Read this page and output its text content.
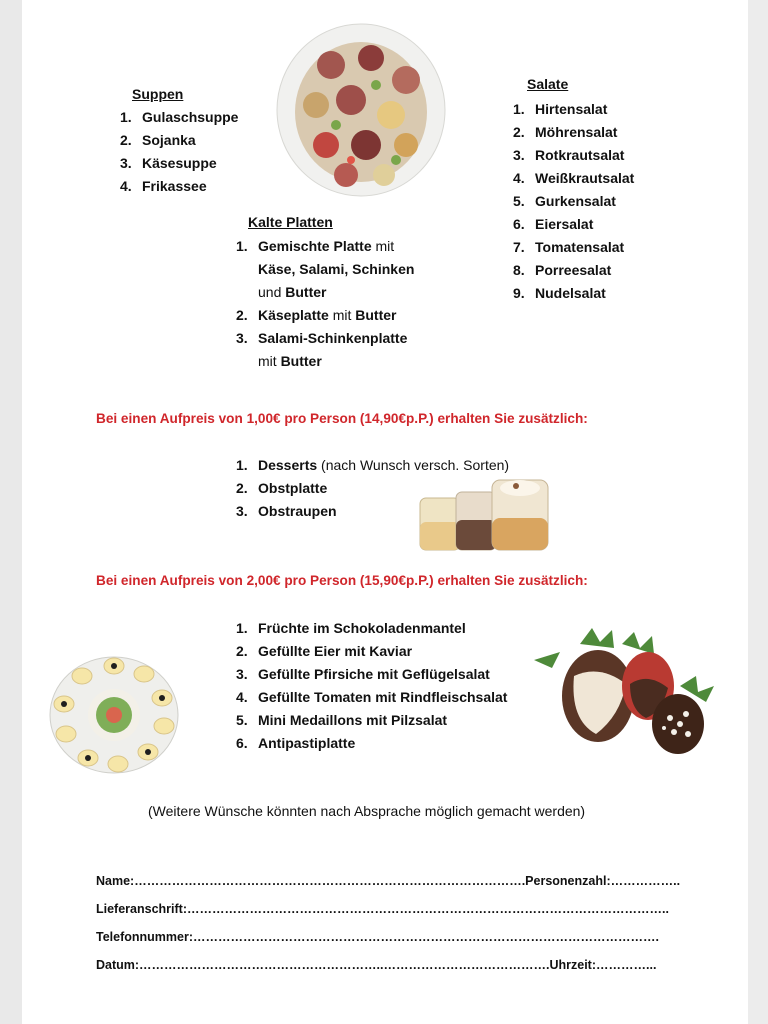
Suppen
1. Gulaschsuppe
2. Sojanka
3. Käsesuppe
4. Frikassee
Salate
1. Hirtensalat
2. Möhrensalat
3. Rotkrautsalat
4. Weißkrautsalat
5. Gurkensalat
6. Eiersalat
7. Tomatensalat
8. Porreesalat
9. Nudelsalat
Kalte Platten
1. Gemischte Platte mit
Käse, Salami, Schinken
und Butter
2. Käseplatte mit Butter
3. Salami-Schinkenplatte
mit Butter
Bei einen Aufpreis von 1,00€ pro Person (14,90€p.P.) erhalten Sie zusätzlich:
1. Desserts (nach Wunsch versch. Sorten)
2. Obstplatte
3. Obstraupen
Bei einen Aufpreis von 2,00€ pro Person (15,90€p.P.) erhalten Sie zusätzlich:
1. Früchte im Schokoladenmantel
2. Gefüllte Eier mit Kaviar
3. Gefüllte Pfirsiche mit Geflügelsalat
4. Gefüllte Tomaten mit Rindfleischsalat
5. Mini Medaillons mit Pilzsalat
6. Antipastiplatte
(Weitere Wünsche könnten nach Absprache möglich gemacht werden)
Name:………………………………………………………………………………….Personenzahl:……………..
Lieferanschrift:……………………………………………………………………………………………………..
Telefonnummer:………………………………………………………………………………………………….
Datum:…………………………………………………..………………………………….Uhrzeit:…………...
